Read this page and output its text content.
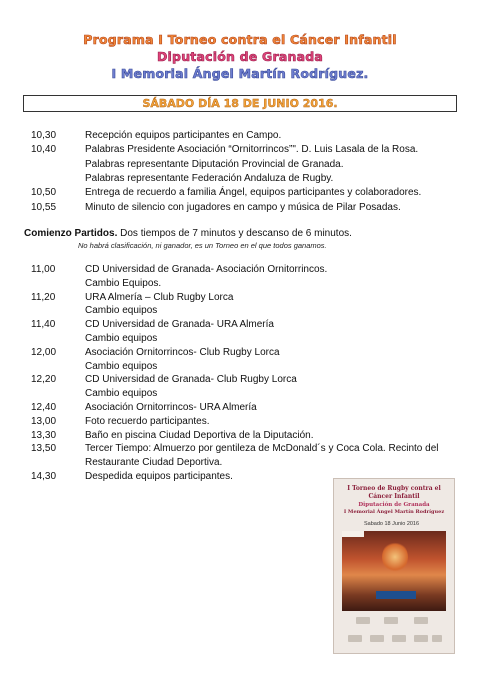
Programa I Torneo contra el Cáncer Infantil
Diputación de Granada
I Memorial Ángel Martín Rodríguez.
SÁBADO DÍA 18 DE JUNIO 2016.
10,30	Recepción equipos participantes en Campo.
10,40	Palabras Presidente Asociación “Ornitorrincos”". D. Luis Lasala de la Rosa.
Palabras representante Diputación Provincial de Granada.
Palabras representante Federación Andaluza de Rugby.
10,50	Entrega de recuerdo a familia Ángel, equipos participantes y colaboradores.
10,55	Minuto de silencio con jugadores en campo y música de Pilar Posadas.
Comienzo Partidos. Dos tiempos de 7 minutos y descanso de 6 minutos.
No habrá clasificación, ni ganador, es un Torneo en el que todos ganamos.
11,00	CD Universidad de Granada- Asociación Ornitorrincos.
Cambio Equipos.
11,20	URA Almería – Club Rugby Lorca
Cambio equipos
11,40	CD Universidad de Granada- URA Almería
Cambio equipos
12,00	Asociación Ornitorrincos- Club Rugby Lorca
Cambio equipos
12,20	CD Universidad de Granada- Club Rugby Lorca
Cambio equipos
12,40	Asociación Ornitorrincos- URA Almería
13,00	Foto recuerdo participantes.
13,30	Baño en piscina Ciudad Deportiva de la Diputación.
13,50	Tercer Tiempo: Almuerzo por gentileza de McDonald´s y Coca Cola. Recinto del
Restaurante Ciudad Deportiva.
14,30	Despedida equipos participantes.
I Torneo de Rugby contra el
Cáncer Infantil
Diputación de Granada
I Memorial Ángel Martín Rodríguez
Sabado 18 Junio 2016
